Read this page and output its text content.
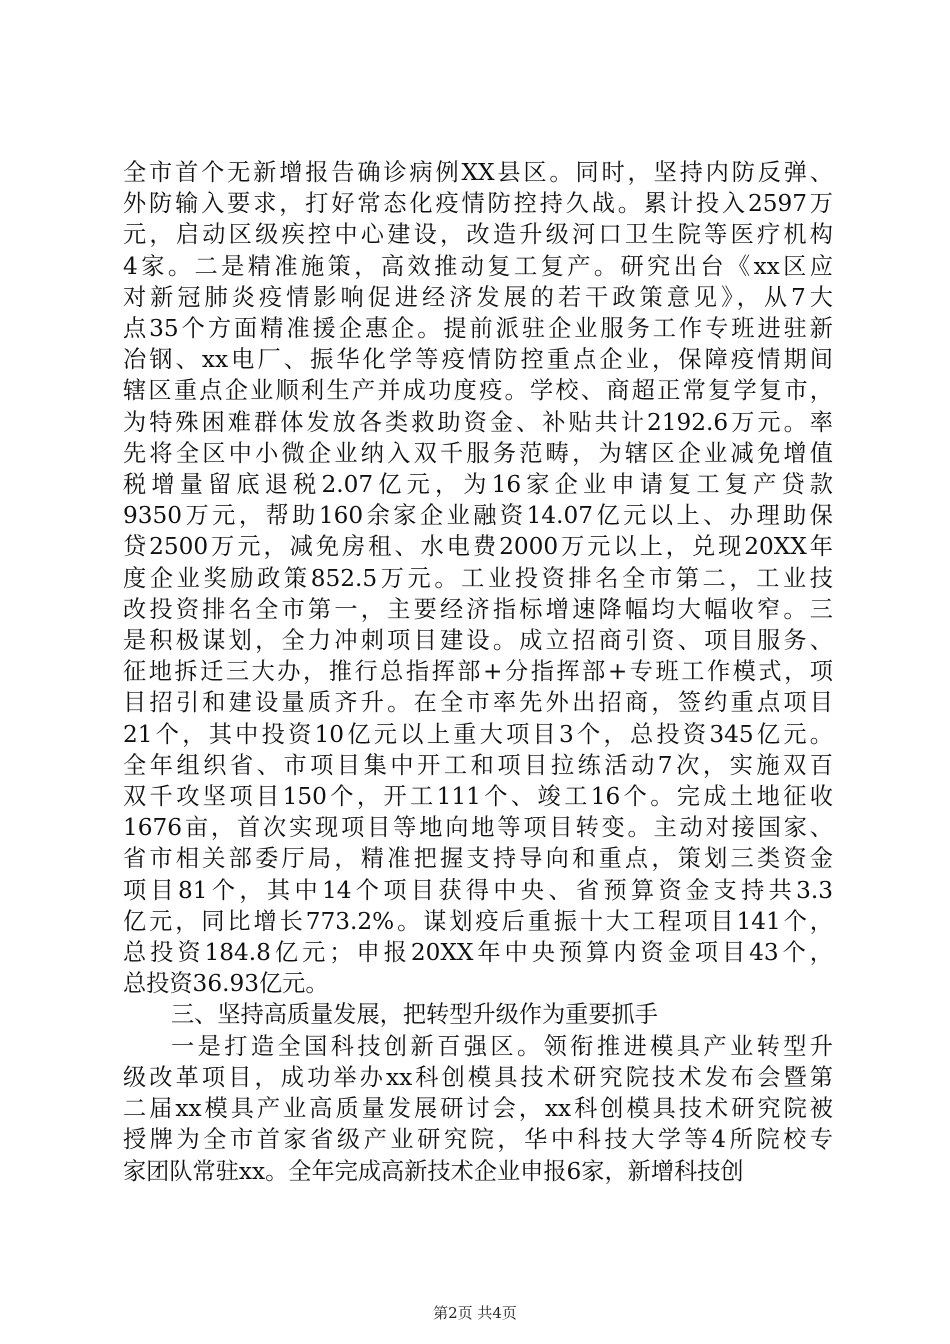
全市首个无新增报告确诊病例XX县区。同时，坚持内防反弹、
外防输入要求，打好常态化疫情防控持久战。累计投入2597万
元，启动区级疾控中心建设，改造升级河口卫生院等医疗机构
4家。二是精准施策，高效推动复工复产。研究出台《xx区应
对新冠肺炎疫情影响促进经济发展的若干政策意见》，从7大
点35个方面精准援企惠企。提前派驻企业服务工作专班进驻新
冶钢、xx电厂、振华化学等疫情防控重点企业，保障疫情期间
辖区重点企业顺利生产并成功度疫。学校、商超正常复学复市，
为特殊困难群体发放各类救助资金、补贴共计2192.6万元。率
先将全区中小微企业纳入双千服务范畴，为辖区企业减免增值
税增量留底退税2.07亿元，为16家企业申请复工复产贷款
9350万元，帮助160余家企业融资14.07亿元以上、办理助保
贷2500万元，减免房租、水电费2000万元以上，兑现20XX年
度企业奖励政策852.5万元。工业投资排名全市第二，工业技
改投资排名全市第一，主要经济指标增速降幅均大幅收窄。三
是积极谋划，全力冲刺项目建设。成立招商引资、项目服务、
征地拆迁三大办，推行总指挥部+分指挥部+专班工作模式，项
目招引和建设量质齐升。在全市率先外出招商，签约重点项目
21个，其中投资10亿元以上重大项目3个，总投资345亿元。
全年组织省、市项目集中开工和项目拉练活动7次，实施双百
双千攻坚项目150个，开工111个、竣工16个。完成土地征收
1676亩，首次实现项目等地向地等项目转变。主动对接国家、
省市相关部委厅局，精准把握支持导向和重点，策划三类资金
项目81个，其中14个项目获得中央、省预算资金支持共3.3
亿元，同比增长773.2%。谋划疫后重振十大工程项目141个，
总投资184.8亿元；申报20XX年中央预算内资金项目43个，
总投资36.93亿元。
三、坚持高质量发展，把转型升级作为重要抓手
一是打造全国科技创新百强区。领衔推进模具产业转型升
级改革项目，成功举办xx科创模具技术研究院技术发布会暨第
二届xx模具产业高质量发展研讨会，xx科创模具技术研究院被
授牌为全市首家省级产业研究院，华中科技大学等4所院校专
家团队常驻xx。全年完成高新技术企业申报6家，新增科技创
第2页 共4页
